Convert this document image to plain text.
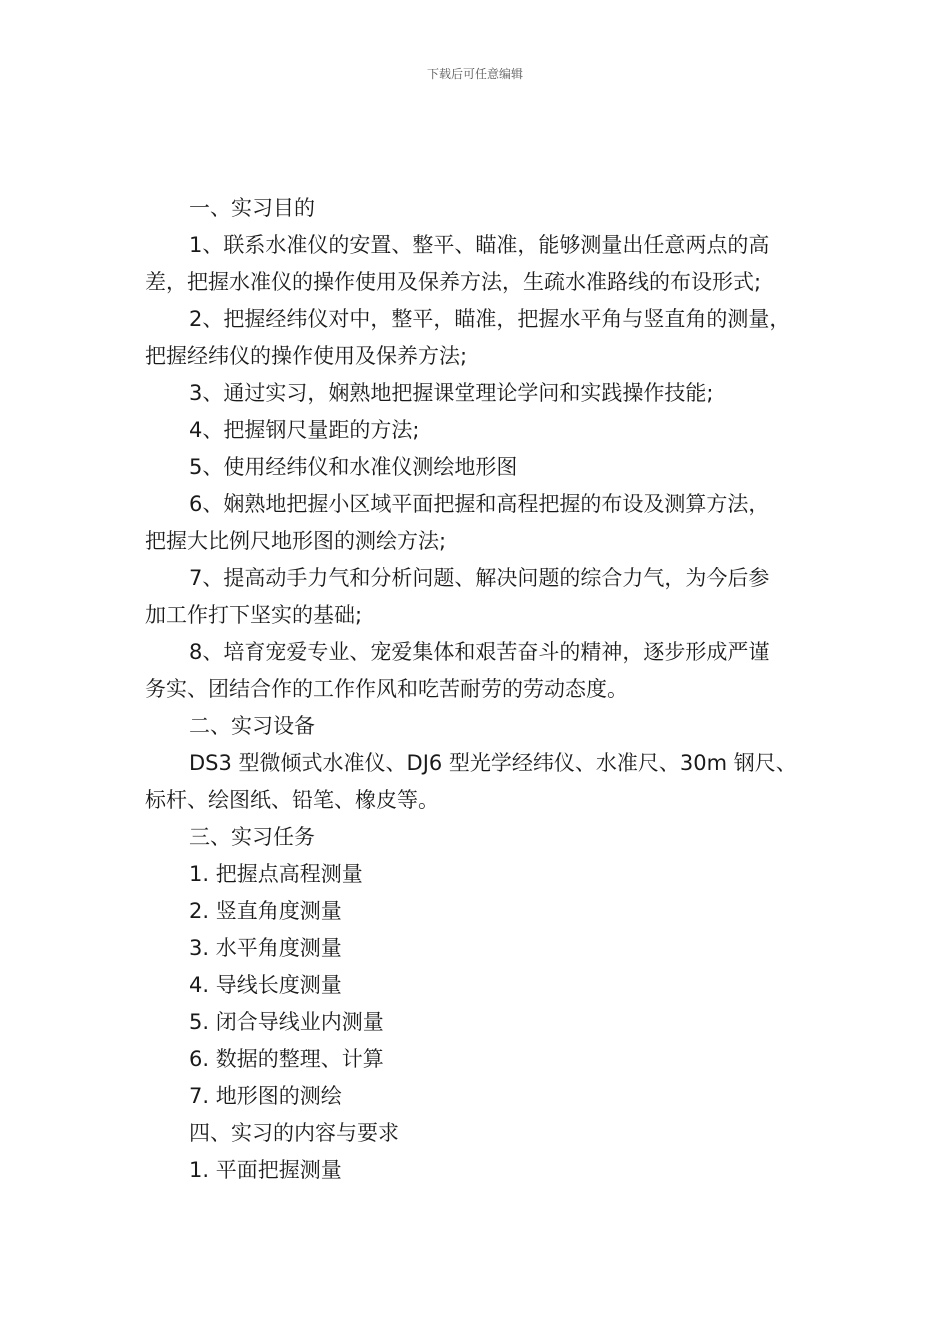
下载后可任意编辑
一、实习目的
1、联系水准仪的安置、整平、瞄准，能够测量出任意两点的高
差，把握水准仪的操作使用及保养方法，生疏水准路线的布设形式;
2、把握经纬仪对中，整平，瞄准，把握水平角与竖直角的测量，
把握经纬仪的操作使用及保养方法;
3、通过实习，娴熟地把握课堂理论学问和实践操作技能;
4、把握钢尺量距的方法;
5、使用经纬仪和水准仪测绘地形图
6、娴熟地把握小区域平面把握和高程把握的布设及测算方法，
把握大比例尺地形图的测绘方法;
7、提高动手力气和分析问题、解决问题的综合力气，为今后参
加工作打下坚实的基础;
8、培育宠爱专业、宠爱集体和艰苦奋斗的精神，逐步形成严谨
务实、团结合作的工作作风和吃苦耐劳的劳动态度。
二、实习设备
DS3 型微倾式水准仪、DJ6 型光学经纬仪、水准尺、30m 钢尺、
标杆、绘图纸、铅笔、橡皮等。
三、实习任务
1. 把握点高程测量
2. 竖直角度测量
3. 水平角度测量
4. 导线长度测量
5. 闭合导线业内测量
6. 数据的整理、计算
7. 地形图的测绘
四、实习的内容与要求
1. 平面把握测量
